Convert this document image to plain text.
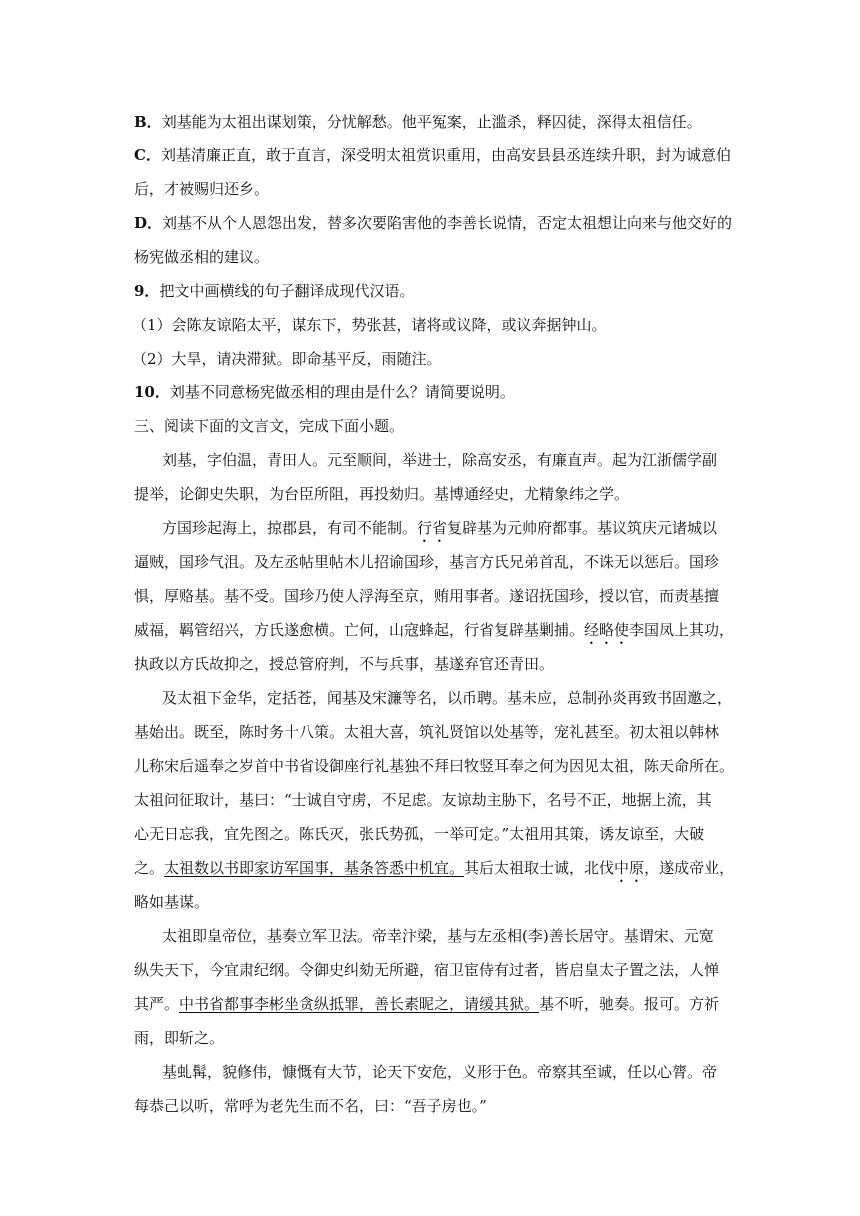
B．刘基能为太祖出谋划策，分忧解愁。他平冤案，止滥杀，释囚徒，深得太祖信任。
C．刘基清廉正直，敢于直言，深受明太祖赏识重用，由高安县县丞连续升职，封为诚意伯
后，才被赐归还乡。
D．刘基不从个人恩怨出发，替多次要陷害他的李善长说情，否定太祖想让向来与他交好的
杨宪做丞相的建议。
9．把文中画横线的句子翻译成现代汉语。
（1）会陈友谅陷太平，谋东下，势张甚，诸将或议降，或议奔据钟山。
（2）大旱，请决滞狱。即命基平反，雨随注。
10．刘基不同意杨宪做丞相的理由是什么？请简要说明。
三、阅读下面的文言文，完成下面小题。
刘基，字伯温，青田人。元至顺间，举进士，除高安丞，有廉直声。起为江浙儒学副
提举，论御史失职，为台臣所阻，再投劾归。基博通经史，尤精象纬之学。
方国珍起海上，掠郡县，有司不能制。行省复辟基为元帅府都事。基议筑庆元诸城以
逼贼，国珍气沮。及左丞帖里帖木儿招谕国珍，基言方氏兄弟首乱，不诛无以惩后。国珍
惧，厚赂基。基不受。国珍乃使人浮海至京，贿用事者。遂诏抚国珍，授以官，而责基擅
威福，羁管绍兴，方氏遂愈横。亡何，山寇蜂起，行省复辟基剿捕。经略使李国凤上其功，
执政以方氏故抑之，授总管府判，不与兵事，基遂弃官还青田。
及太祖下金华，定括苍，闻基及宋濂等名，以币聘。基未应，总制孙炎再致书固邀之，
基始出。既至，陈时务十八策。太祖大喜，筑礼贤馆以处基等，宠礼甚至。初太祖以韩林
儿称宋后遥奉之岁首中书省设御座行礼基独不拜曰牧竖耳奉之何为因见太祖，陈天命所在。
太祖问征取计，基曰：“士诚自守虏，不足虑。友谅劫主胁下，名号不正，地据上流，其
心无日忘我，宜先图之。陈氏灭，张氏势孤，一举可定。”太祖用其策，诱友谅至，大破
之。太祖数以书即家访军国事，基条答悉中机宜。其后太祖取士诚，北伐中原，遂成帝业，
略如基谋。
太祖即皇帝位，基奏立军卫法。帝幸汴梁，基与左丞相(李)善长居守。基谓宋、元宽
纵失天下，今宜肃纪纲。令御史纠劾无所避，宿卫宦侍有过者，皆启皇太子置之法，人惮
其严。中书省都事李彬坐贪纵抵罪，善长素昵之，请缓其狱。基不听，驰奏。报可。方祈
雨，即斩之。
基虬髯，貌修伟，慷慨有大节，论天下安危，义形于色。帝察其至诚，任以心膂。帝
每恭己以听，常呼为老先生而不名，曰：“吾子房也。”
